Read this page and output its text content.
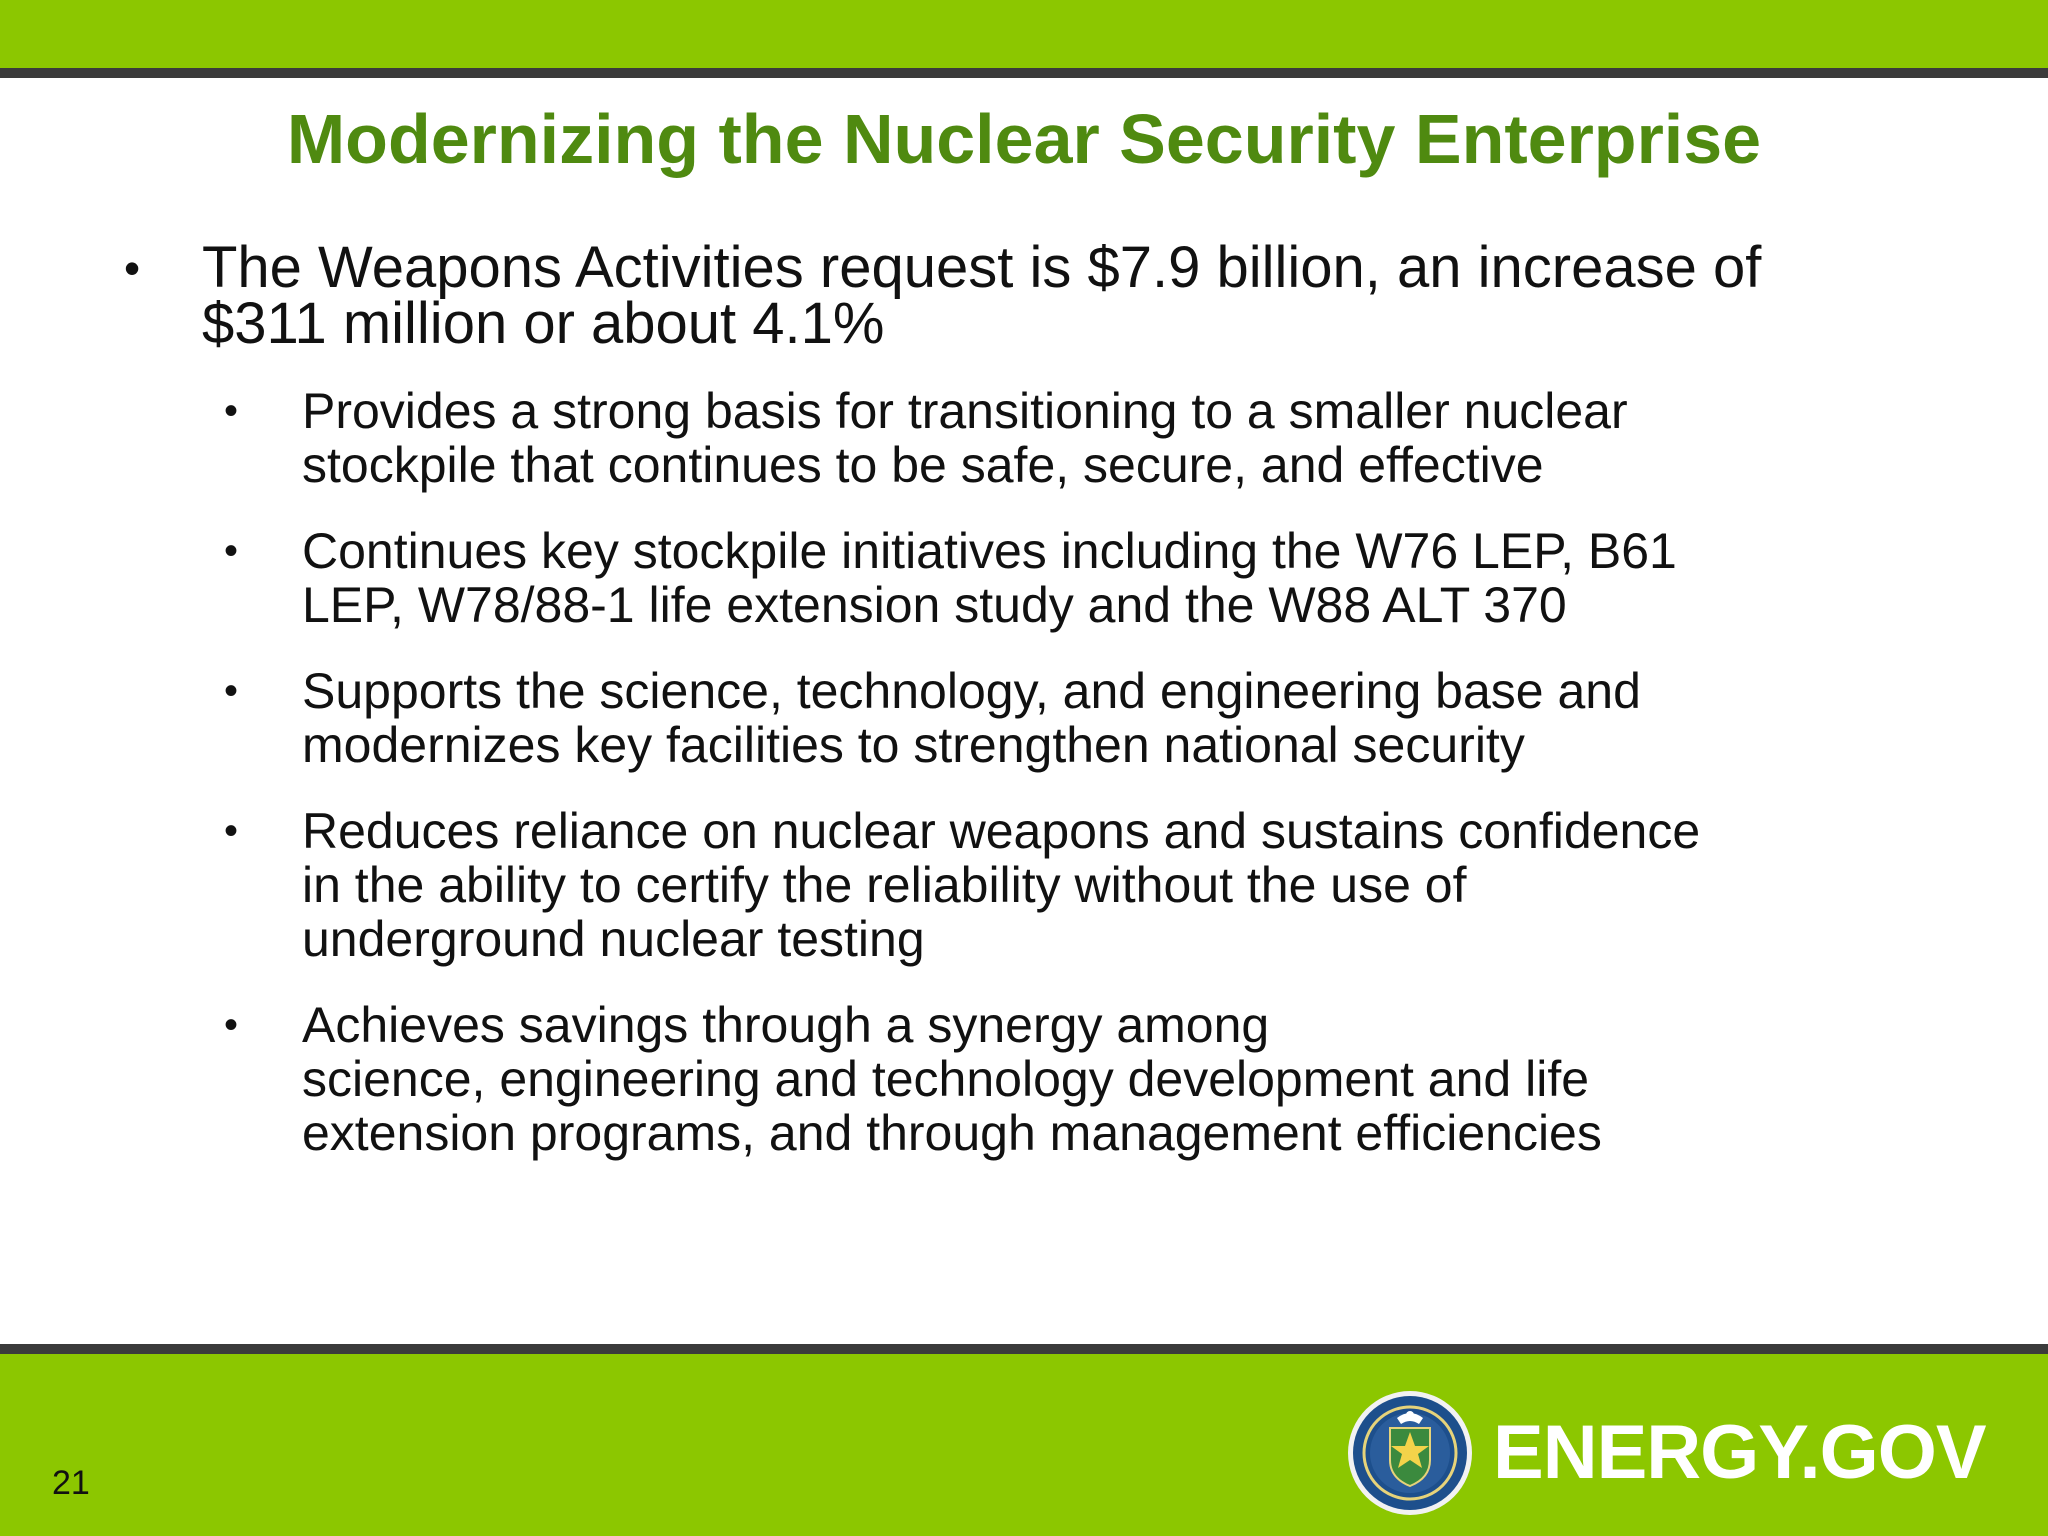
Modernizing the Nuclear Security Enterprise
• The Weapons Activities request is $7.9 billion, an increase of
$311 million or about 4.1%
• Provides a strong basis for transitioning to a smaller nuclear
stockpile that continues to be safe, secure, and effective
• Continues key stockpile initiatives including the W76 LEP, B61
LEP, W78/88-1 life extension study and the W88 ALT 370
• Supports the science, technology, and engineering base and
modernizes key facilities to strengthen national security
• Reduces reliance on nuclear weapons and sustains confidence
in the ability to certify the reliability without the use of
underground nuclear testing
• Achieves savings through a synergy among
science, engineering and technology development and life
extension programs, and through management efficiencies
21	ENERGY.GOV
